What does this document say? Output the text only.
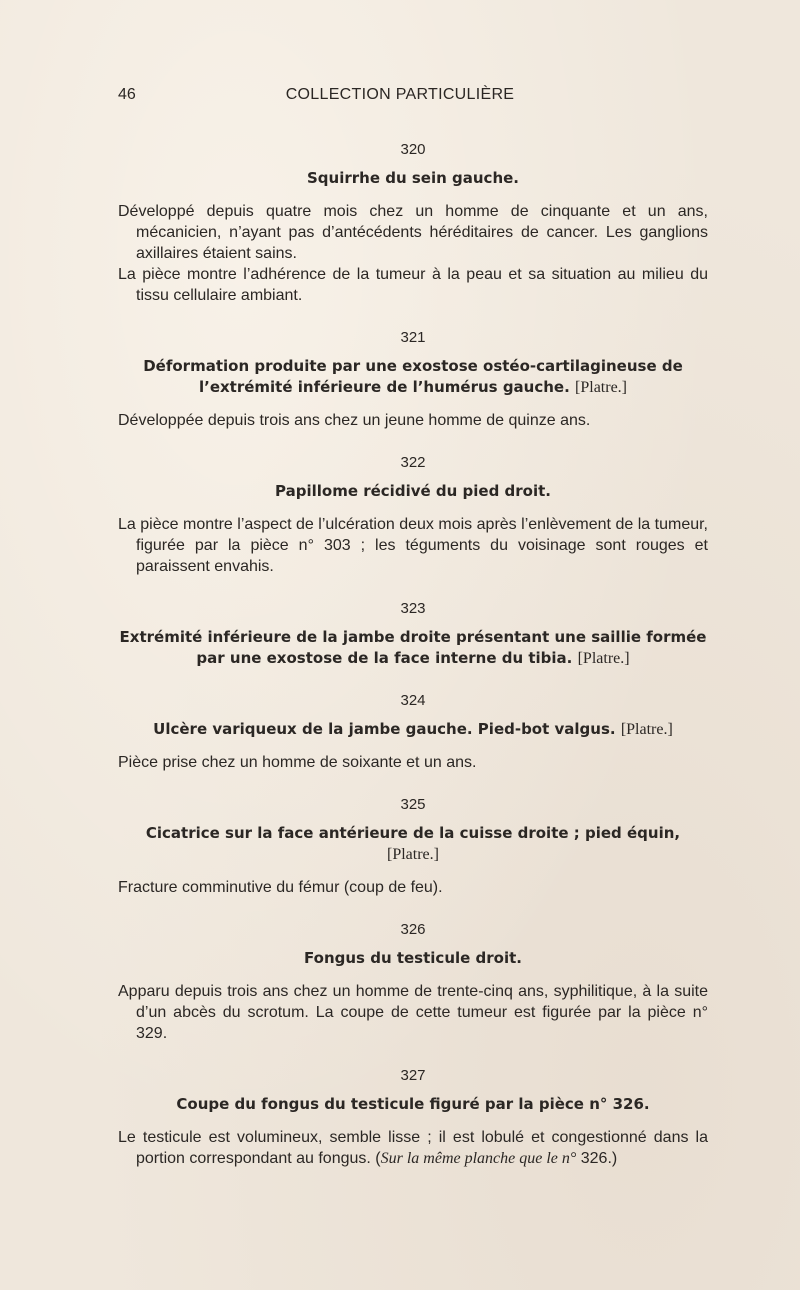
46	COLLECTION PARTICULIÈRE
320
Squirrhe du sein gauche.

Développé depuis quatre mois chez un homme de cinquante et un ans, mécanicien, n’ayant pas d’antécédents héréditaires de cancer. Les ganglions axillaires étaient sains.

La pièce montre l’adhérence de la tumeur à la peau et sa situation au milieu du tissu cellulaire ambiant.

321
Déformation produite par une exostose ostéo-cartilagineuse de l’extrémité inférieure de l’humérus gauche. [Platre.]

Développée depuis trois ans chez un jeune homme de quinze ans.

322
Papillome récidivé du pied droit.

La pièce montre l’aspect de l’ulcération deux mois après l’enlèvement de la tumeur, figurée par la pièce n° 303 ; les téguments du voisinage sont rouges et paraissent envahis.

323
Extrémité inférieure de la jambe droite présentant une saillie formée par une exostose de la face interne du tibia. [Platre.]
324
Ulcère variqueux de la jambe gauche. Pied-bot valgus. [Platre.]

Pièce prise chez un homme de soixante et un ans.

325
Cicatrice sur la face antérieure de la cuisse droite ; pied équin,
[Platre.]

Fracture comminutive du fémur (coup de feu).

326
Fongus du testicule droit.

Apparu depuis trois ans chez un homme de trente-cinq ans, syphilitique, à la suite d’un abcès du scrotum. La coupe de cette tumeur est figurée par la pièce n° 329.

327
Coupe du fongus du testicule figuré par la pièce n° 326.

Le testicule est volumineux, semble lisse ; il est lobulé et congestionné dans la portion correspondant au fongus. (Sur la même planche que le n° 326.)
